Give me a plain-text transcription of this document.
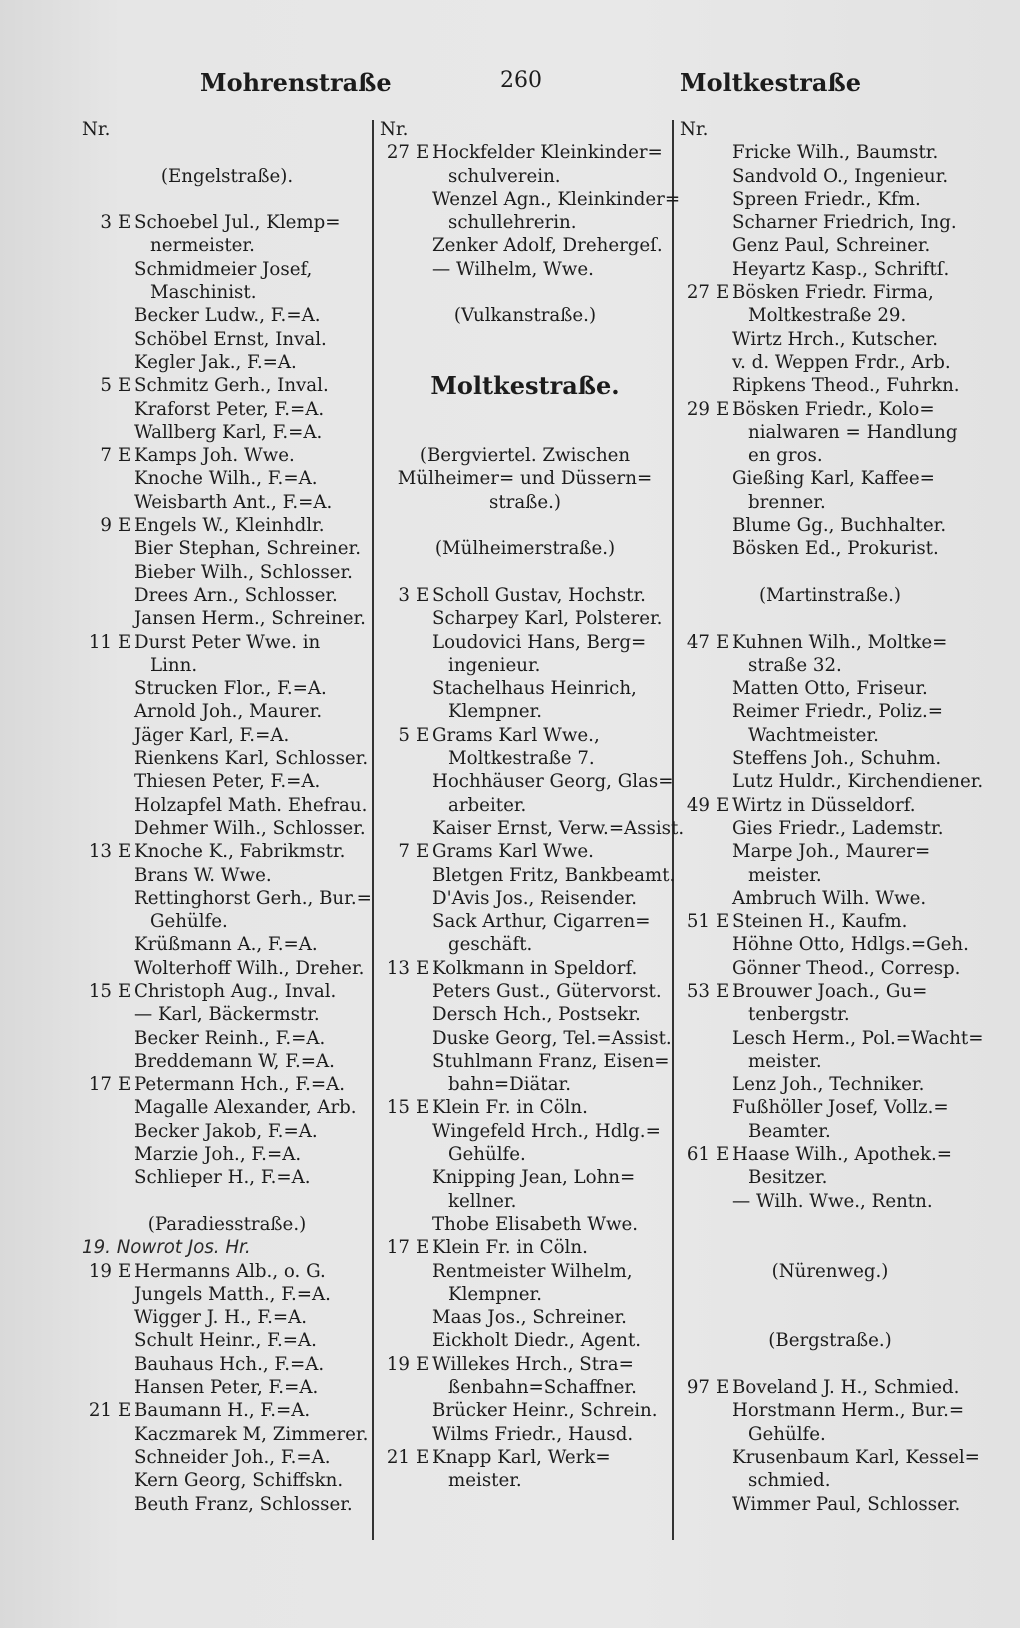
Mohrenstraße	260	Moltkestraße
Nr.
(Engelstraße).
3 E Schoebel Jul., Klemp=
nermeister.
Schmidmeier Josef,
Maschinist.
Becker Ludw., F.=A.
Schöbel Ernst, Inval.
Kegler Jak., F.=A.
5 E Schmitz Gerh., Inval.
Kraforst Peter, F.=A.
Wallberg Karl, F.=A.
7 E Kamps Joh. Wwe.
Knoche Wilh., F.=A.
Weisbarth Ant., F.=A.
9 E Engels W., Kleinhdlr.
Bier Stephan, Schreiner.
Bieber Wilh., Schlosser.
Drees Arn., Schlosser.
Jansen Herm., Schreiner.
11 E Durst Peter Wwe. in
Linn.
Strucken Flor., F.=A.
Arnold Joh., Maurer.
Jäger Karl, F.=A.
Rienkens Karl, Schlosser.
Thiesen Peter, F.=A.
Holzapfel Math. Ehefrau.
Dehmer Wilh., Schlosser.
13 E Knoche K., Fabrikmstr.
Brans W. Wwe.
Rettinghorst Gerh., Bur.=
Gehülfe.
Krüßmann A., F.=A.
Wolterhoff Wilh., Dreher.
15 E Christoph Aug., Inval.
— Karl, Bäckermstr.
Becker Reinh., F.=A.
Breddemann W, F.=A.
17 E Petermann Hch., F.=A.
Magalle Alexander, Arb.
Becker Jakob, F.=A.
Marzie Joh., F.=A.
Schlieper H., F.=A.
(Paradiesstraße.)
19. Nowrot Jos. Hr.
19 E Hermanns Alb., o. G.
Jungels Matth., F.=A.
Wigger J. H., F.=A.
Schult Heinr., F.=A.
Bauhaus Hch., F.=A.
Hansen Peter, F.=A.
21 E Baumann H., F.=A.
Kaczmarek M, Zimmerer.
Schneider Joh., F.=A.
Kern Georg, Schiffskn.
Beuth Franz, Schlosser.
Nr.
27 E Hockfelder Kleinkinder=
schulverein.
Wenzel Agn., Kleinkinder=
schullehrerin.
Zenker Adolf, Drehergeſ.
— Wilhelm, Wwe.
(Vulkanstraße.)
Moltkestraße.
(Bergviertel. Zwischen
Mülheimer= und Düssern=
straße.)
(Mülheimerstraße.)
3 E Scholl Gustav, Hochstr.
Scharpey Karl, Polsterer.
Loudovici Hans, Berg=
ingenieur.
Stachelhaus Heinrich,
Klempner.
5 E Grams Karl Wwe.,
Moltkestraße 7.
Hochhäuser Georg, Glas=
arbeiter.
Kaiser Ernst, Verw.=Assist.
7 E Grams Karl Wwe.
Bletgen Fritz, Bankbeamt.
D'Avis Jos., Reisender.
Sack Arthur, Cigarren=
geschäft.
13 E Kolkmann in Speldorf.
Peters Gust., Gütervorst.
Dersch Hch., Postsekr.
Duske Georg, Tel.=Assist.
Stuhlmann Franz, Eisen=
bahn=Diätar.
15 E Klein Fr. in Cöln.
Wingefeld Hrch., Hdlg.=
Gehülfe.
Knipping Jean, Lohn=
kellner.
Thobe Elisabeth Wwe.
17 E Klein Fr. in Cöln.
Rentmeister Wilhelm,
Klempner.
Maas Jos., Schreiner.
Eickholt Diedr., Agent.
19 E Willekes Hrch., Stra=
ßenbahn=Schaffner.
Brücker Heinr., Schrein.
Wilms Friedr., Hausd.
21 E Knapp Karl, Werk=
meister.
Nr.
Fricke Wilh., Baumstr.
Sandvold O., Ingenieur.
Spreen Friedr., Kfm.
Scharner Friedrich, Ing.
Genz Paul, Schreiner.
Heyartz Kasp., Schriftſ.
27 E Bösken Friedr. Firma,
Moltkestraße 29.
Wirtz Hrch., Kutscher.
v. d. Weppen Frdr., Arb.
Ripkens Theod., Fuhrkn.
29 E Bösken Friedr., Kolo=
nialwaren = Handlung
en gros.
Gießing Karl, Kaffee=
brenner.
Blume Gg., Buchhalter.
Bösken Ed., Prokurist.
(Martinstraße.)
47 E Kuhnen Wilh., Moltke=
straße 32.
Matten Otto, Friseur.
Reimer Friedr., Poliz.=
Wachtmeister.
Steffens Joh., Schuhm.
Lutz Huldr., Kirchendiener.
49 E Wirtz in Düsseldorf.
Gies Friedr., Lademstr.
Marpe Joh., Maurer=
meister.
Ambruch Wilh. Wwe.
51 E Steinen H., Kaufm.
Höhne Otto, Hdlgs.=Geh.
Gönner Theod., Corresp.
53 E Brouwer Joach., Gu=
tenbergstr.
Lesch Herm., Pol.=Wacht=
meister.
Lenz Joh., Techniker.
Fußhöller Josef, Vollz.=
Beamter.
61 E Haase Wilh., Apothek.=
Besitzer.
— Wilh. Wwe., Rentn.
(Nürenweg.)
(Bergstraße.)
97 E Boveland J. H., Schmied.
Horstmann Herm., Bur.=
Gehülfe.
Krusenbaum Karl, Kessel=
schmied.
Wimmer Paul, Schlosser.
